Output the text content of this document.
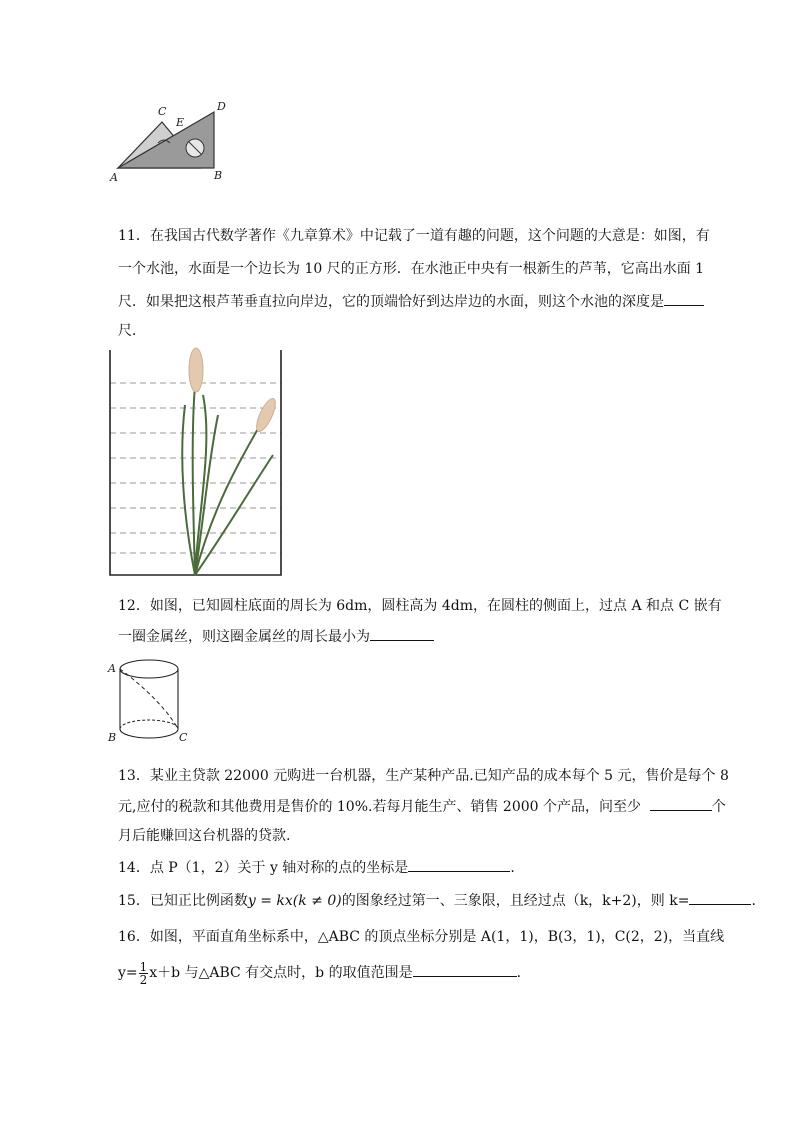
A	B
C	D
E
11．在我国古代数学著作《九章算术》中记载了一道有趣的问题，这个问题的大意是：如图，有
一个水池，水面是一个边长为 10 尺的正方形．在水池正中央有一根新生的芦苇，它高出水面 1
尺．如果把这根芦苇垂直拉向岸边，它的顶端恰好到达岸边的水面，则这个水池的深度是
尺．
12．如图，已知圆柱底面的周长为 6dm，圆柱高为 4dm，在圆柱的侧面上，过点 A 和点 C 嵌有
一圈金属丝，则这圈金属丝的周长最小为
A
B	C
13．某业主贷款 22000 元购进一台机器，生产某种产品.已知产品的成本每个 5 元，售价是每个 8
元,应付的税款和其他费用是售价的 10%.若每月能生产、销售 2000 个产品，问至少	个
月后能赚回这台机器的贷款.
14．点 P（1，2）关于 y 轴对称的点的坐标是	.
15．已知正比例函数y = kx(k ≠ 0)的图象经过第一、三象限，且经过点（k，k+2)，则 k=	.
16．如图，平面直角坐标系中，△ABC 的顶点坐标分别是 A(1，1)，B(3，1)，C(2，2)，当直线
$y= \frac{1}{2} x+b$ 与△ABC 有交点时，b 的取值范围是	.
